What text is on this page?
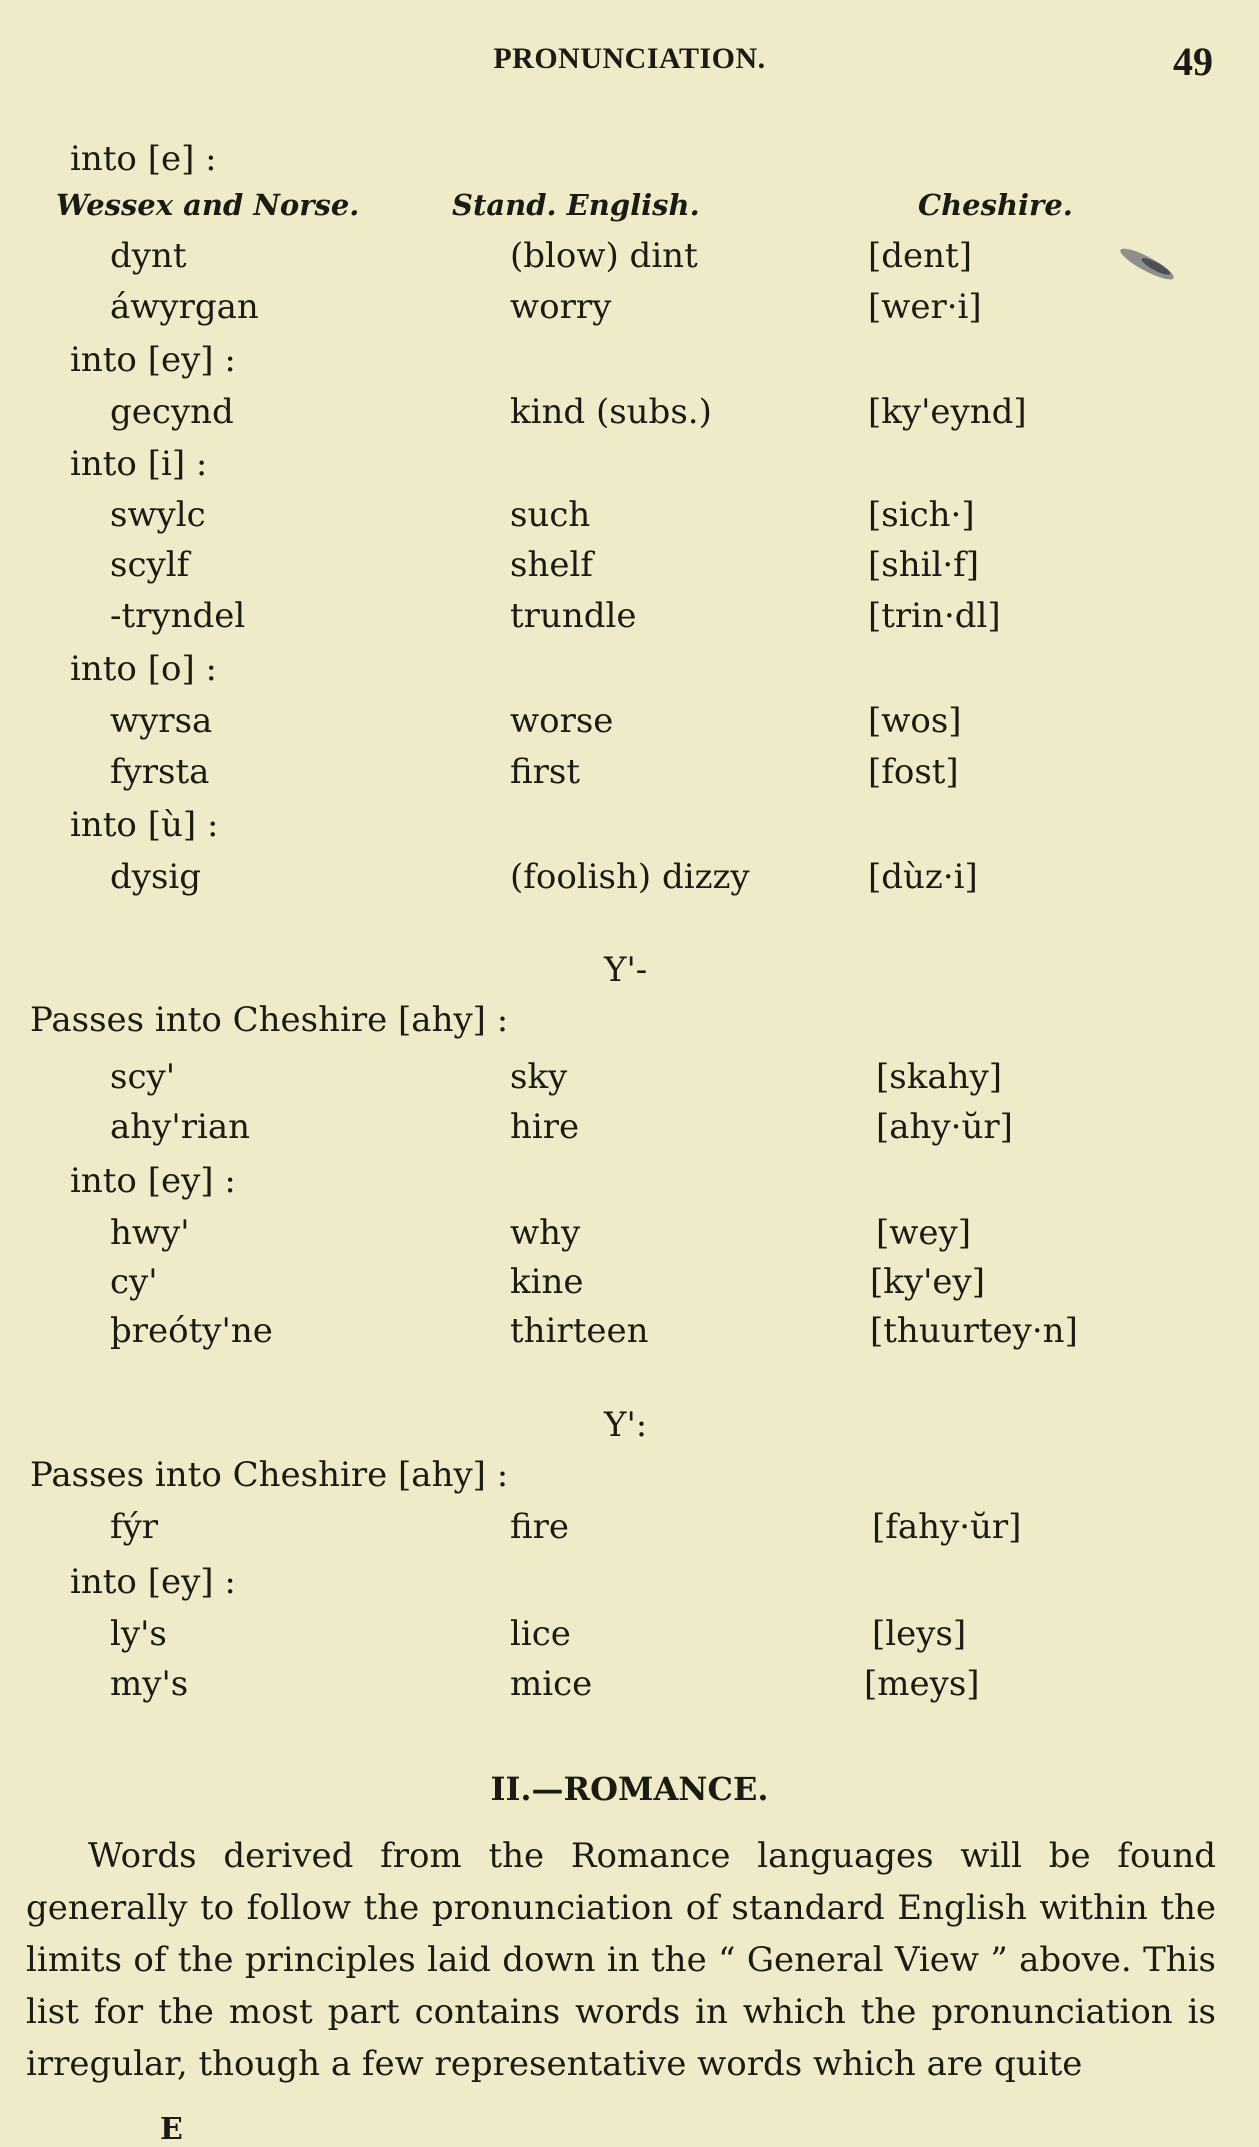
PRONUNCIATION.	49
into [e] :
Wessex and Norse.	Stand. English.	Cheshire.
dynt	(blow) dint	[dent]
áwyrgan	worry	[wer·i]
into [ey] :
gecynd	kind (subs.)	[ky'eynd]
into [i] :
swylc	such	[sich·]
scylf	shelf	[shil·f]
-tryndel	trundle	[trin·dl]
into [o] :
wyrsa	worse	[wos]
fyrsta	first	[fost]
into [ù] :
dysig	(foolish) dizzy	[dùz·i]
Y'-
Passes into Cheshire [ahy] :
scy'	sky	[skahy]
ahy'rian	hire	[ahy·ŭr]
into [ey] :
hwy'	why	[wey]
cy'	kine	[ky'ey]
þreóty'ne	thirteen	[thuurtey·n]
Y':
Passes into Cheshire [ahy] :
fýr	fire	[fahy·ŭr]
into [ey] :
ly's	lice	[leys]
my's	mice	[meys]
II.—ROMANCE.

Words derived from the Romance languages will be found generally to follow the pronunciation of standard English within the limits of the principles laid down in the “ General View ” above. This list for the most part contains words in which the pronunciation is irregular, though a few representative words which are quite

E
